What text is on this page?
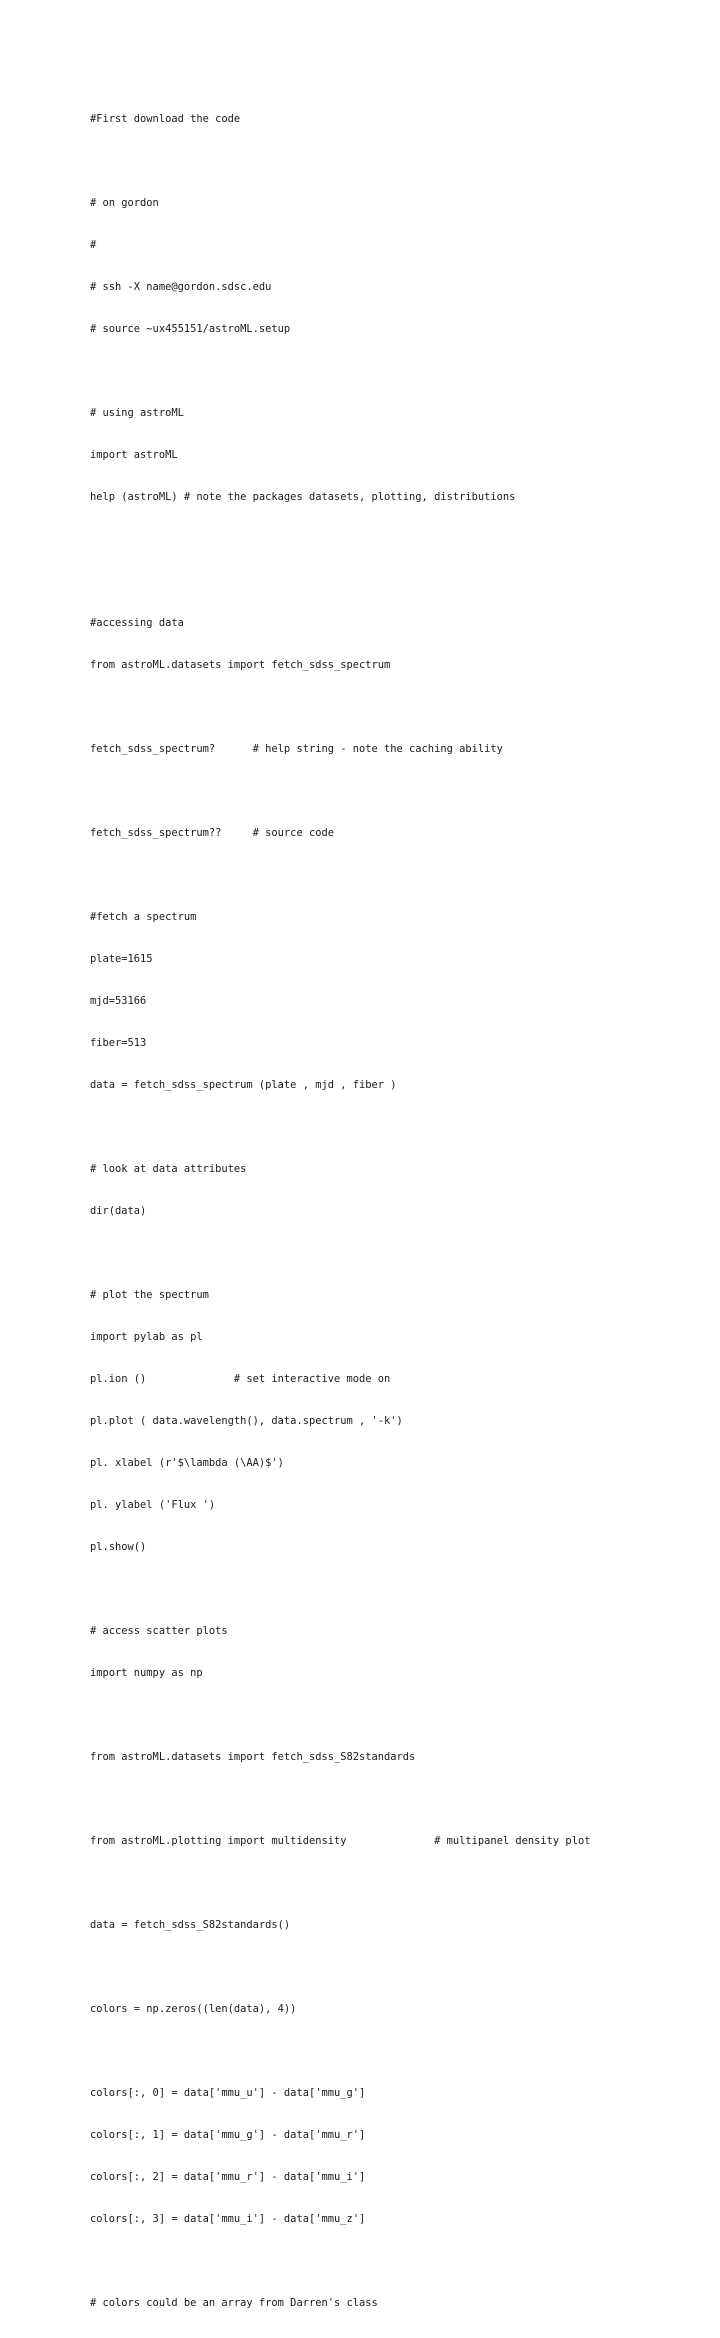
#First download the code

# on gordon

#

# ssh -X name@gordon.sdsc.edu

# source ~ux455151/astroML.setup

# using astroML

import astroML

help (astroML) # note the packages datasets, plotting, distributions

#accessing data

from astroML.datasets import fetch_sdss_spectrum

fetch_sdss_spectrum?      # help string - note the caching ability

fetch_sdss_spectrum??     # source code

#fetch a spectrum

plate=1615

mjd=53166

fiber=513

data = fetch_sdss_spectrum (plate , mjd , fiber )

# look at data attributes

dir(data)

# plot the spectrum

import pylab as pl

pl.ion ()              # set interactive mode on

pl.plot ( data.wavelength(), data.spectrum , '-k')

pl. xlabel (r'$\lambda (\AA)$')

pl. ylabel ('Flux ')

pl.show()

# access scatter plots

import numpy as np

from astroML.datasets import fetch_sdss_S82standards

from astroML.plotting import multidensity              # multipanel density plot

data = fetch_sdss_S82standards()

colors = np.zeros((len(data), 4))

colors[:, 0] = data['mmu_u'] - data['mmu_g']

colors[:, 1] = data['mmu_g'] - data['mmu_r']

colors[:, 2] = data['mmu_r'] - data['mmu_i']

colors[:, 3] = data['mmu_i'] - data['mmu_z']

# colors could be an array from Darren's class
